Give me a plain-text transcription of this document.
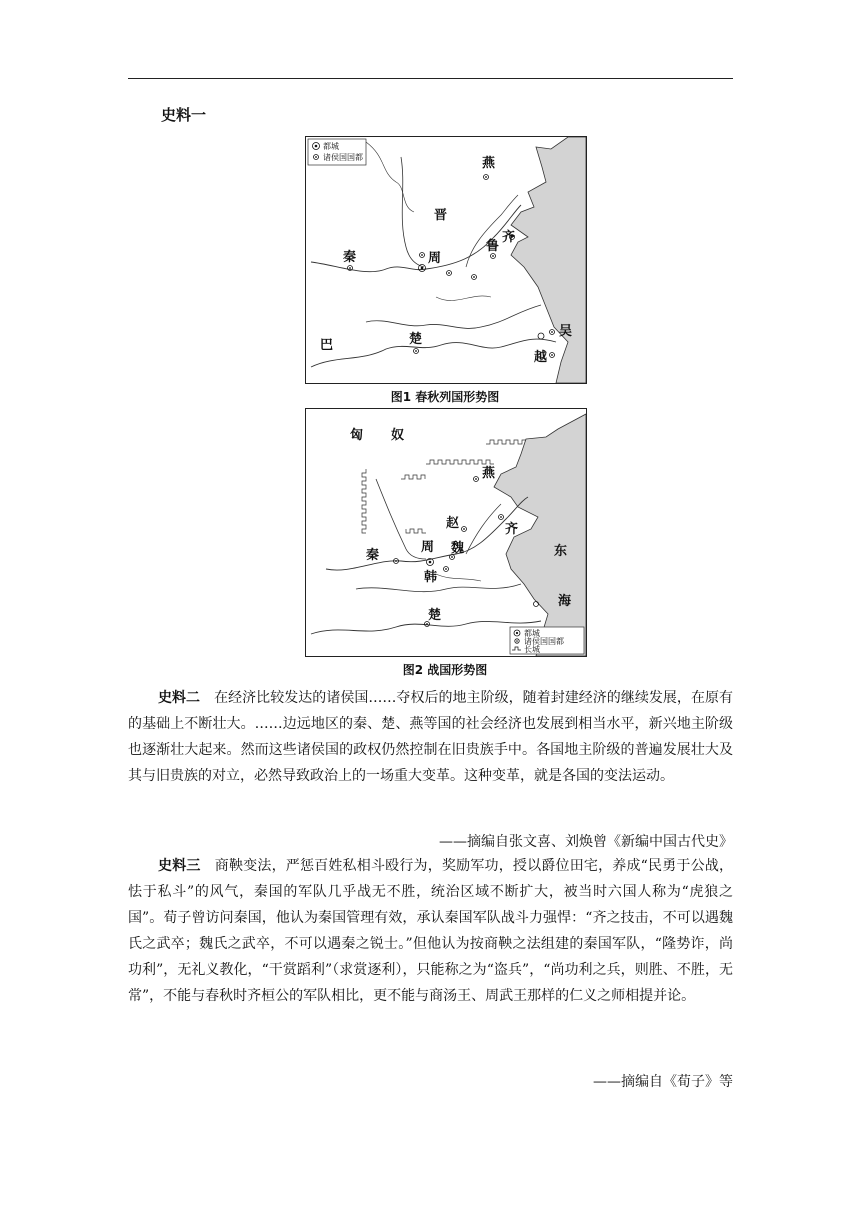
史料一
都城
诸侯国国都	燕
晋
秦	周
鲁
齐
巴	楚
吴
越
图1 春秋列国形势图
匈 奴
燕
赵	齐
秦
周 魏
韩
楚
东
海
都城
诸侯国国都
长城
图2 战国形势图
史料二　 在经济比较发达的诸侯国……夺权后的地主阶级，随着封建经济的继续发展，在原有的基础上不断壮大。……边远地区的秦、楚、燕等国的社会经济也发展到相当水平，新兴地主阶级也逐渐壮大起来。然而这些诸侯国的政权仍然控制在旧贵族手中。各国地主阶级的普遍发展壮大及其与旧贵族的对立，必然导致政治上的一场重大变革。这种变革，就是各国的变法运动。
——摘编自张文喜、刘焕曾《新编中国古代史》
史料三　 商鞅变法，严惩百姓私相斗殴行为，奖励军功，授以爵位田宅，养成“民勇于公战，怯于私斗”的风气，秦国的军队几乎战无不胜，统治区域不断扩大，被当时六国人称为“虎狼之国”。荀子曾访问秦国，他认为秦国管理有效，承认秦国军队战斗力强悍：“齐之技击，不可以遇魏氏之武卒；魏氏之武卒，不可以遇秦之锐士。”但他认为按商鞅之法组建的秦国军队，“隆势诈，尚功利”，无礼义教化，“干赏蹈利”（求赏逐利），只能称之为“盗兵”，“尚功利之兵，则胜、不胜，无常”，不能与春秋时齐桓公的军队相比，更不能与商汤王、周武王那样的仁义之师相提并论。
——摘编自《荀子》等
